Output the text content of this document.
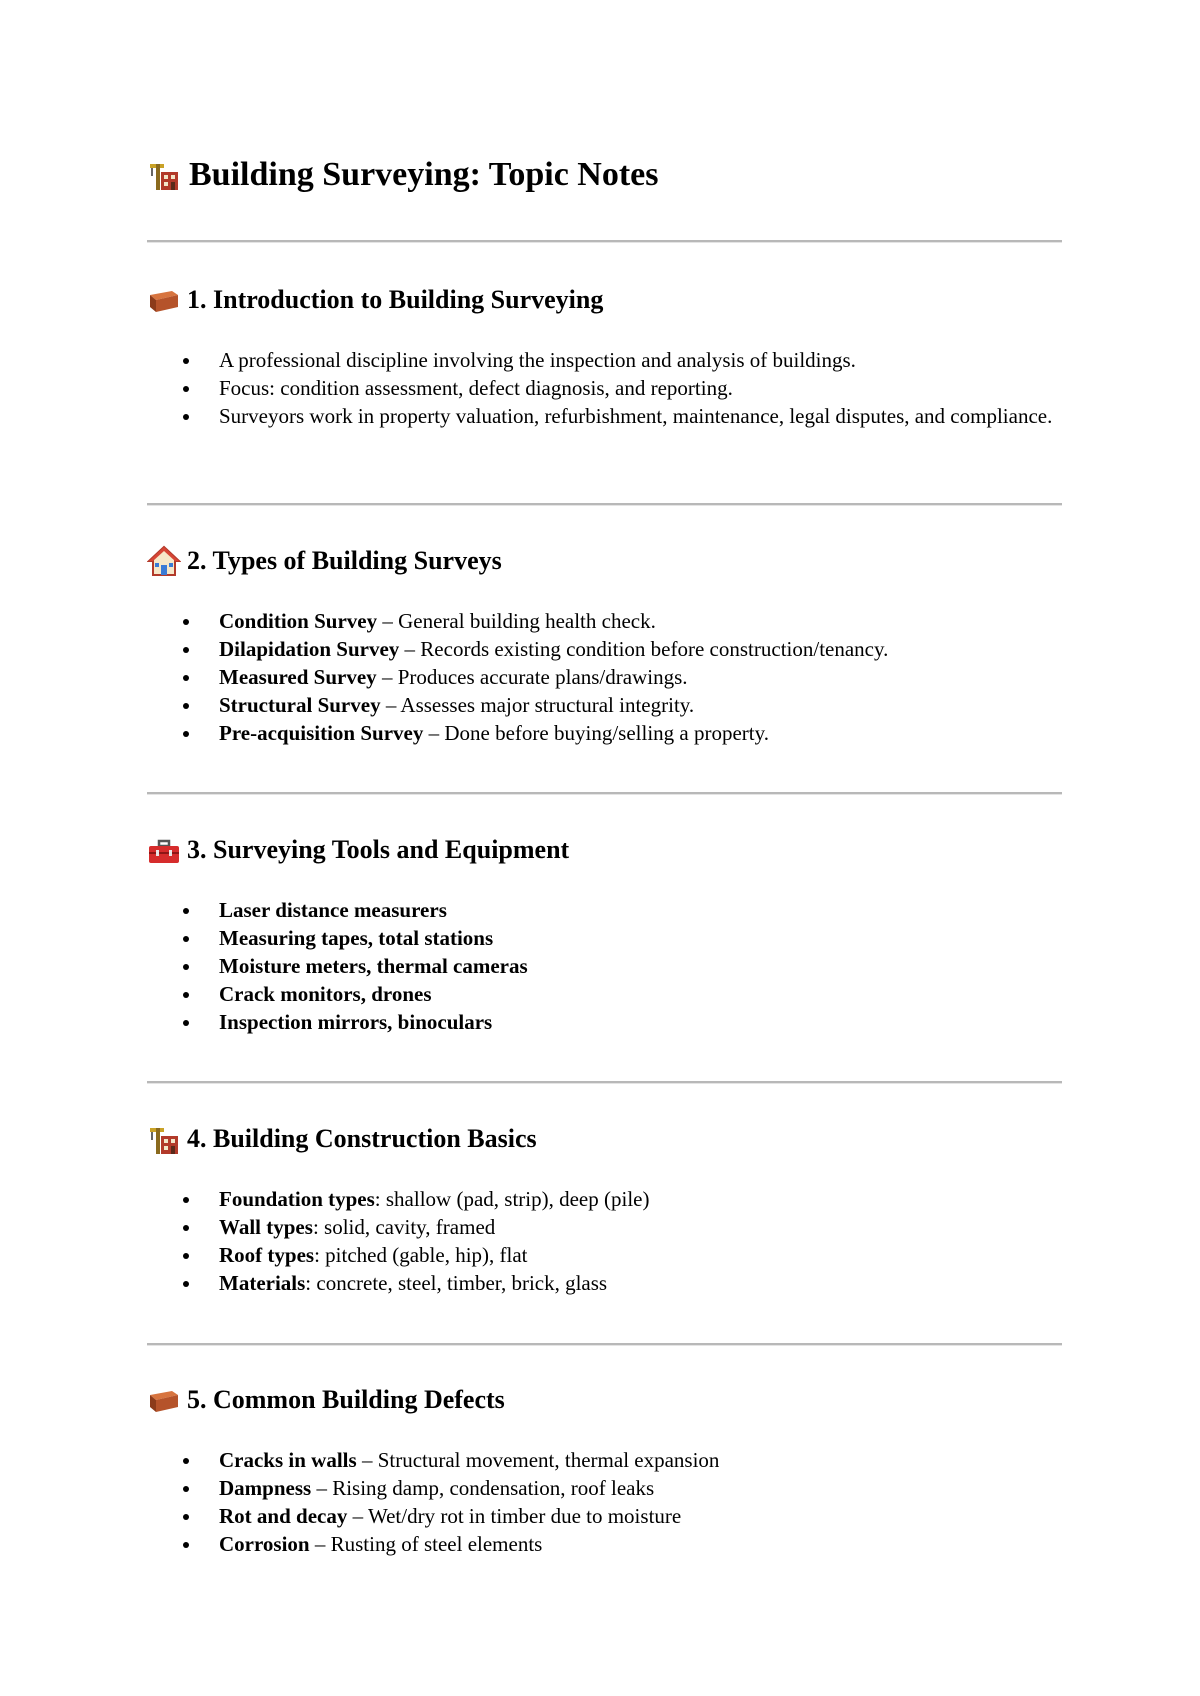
Building Surveying: Topic Notes
1. Introduction to Building Surveying
A professional discipline involving the inspection and analysis of buildings.
Focus: condition assessment, defect diagnosis, and reporting.
Surveyors work in property valuation, refurbishment, maintenance, legal disputes, and compliance.
2. Types of Building Surveys
Condition Survey – General building health check.
Dilapidation Survey – Records existing condition before construction/tenancy.
Measured Survey – Produces accurate plans/drawings.
Structural Survey – Assesses major structural integrity.
Pre-acquisition Survey – Done before buying/selling a property.
3. Surveying Tools and Equipment
Laser distance measurers
Measuring tapes, total stations
Moisture meters, thermal cameras
Crack monitors, drones
Inspection mirrors, binoculars
4. Building Construction Basics
Foundation types: shallow (pad, strip), deep (pile)
Wall types: solid, cavity, framed
Roof types: pitched (gable, hip), flat
Materials: concrete, steel, timber, brick, glass
5. Common Building Defects
Cracks in walls – Structural movement, thermal expansion
Dampness – Rising damp, condensation, roof leaks
Rot and decay – Wet/dry rot in timber due to moisture
Corrosion – Rusting of steel elements
